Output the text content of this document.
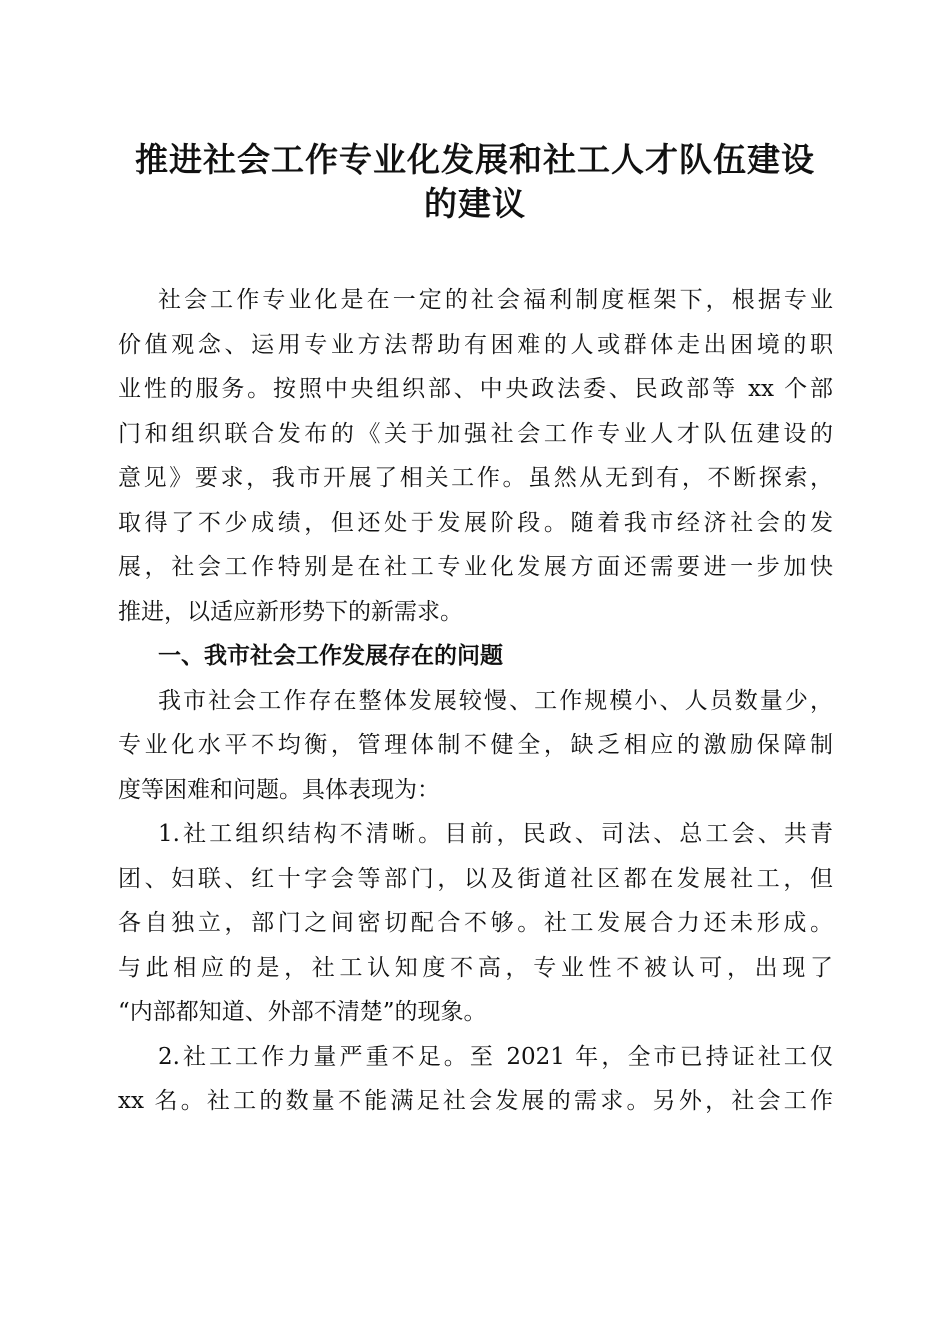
推进社会工作专业化发展和社工人才队伍建设
的建议
社会工作专业化是在一定的社会福利制度框架下，根据专业
价值观念、运用专业方法帮助有困难的人或群体走出困境的职
业性的服务。按照中央组织部、中央政法委、民政部等 xx 个部
门和组织联合发布的《关于加强社会工作专业人才队伍建设的
意见》要求，我市开展了相关工作。虽然从无到有，不断探索，
取得了不少成绩，但还处于发展阶段。随着我市经济社会的发
展，社会工作特别是在社工专业化发展方面还需要进一步加快
推进，以适应新形势下的新需求。
一、我市社会工作发展存在的问题
我市社会工作存在整体发展较慢、工作规模小、人员数量少，
专业化水平不均衡，管理体制不健全，缺乏相应的激励保障制
度等困难和问题。具体表现为：
1.社工组织结构不清晰。目前，民政、司法、总工会、共青
团、妇联、红十字会等部门，以及街道社区都在发展社工，但
各自独立，部门之间密切配合不够。社工发展合力还未形成。
与此相应的是，社工认知度不高，专业性不被认可，出现了
“内部都知道、外部不清楚”的现象。
2.社工工作力量严重不足。至 2021 年，全市已持证社工仅
xx 名。社工的数量不能满足社会发展的需求。另外，社会工作
